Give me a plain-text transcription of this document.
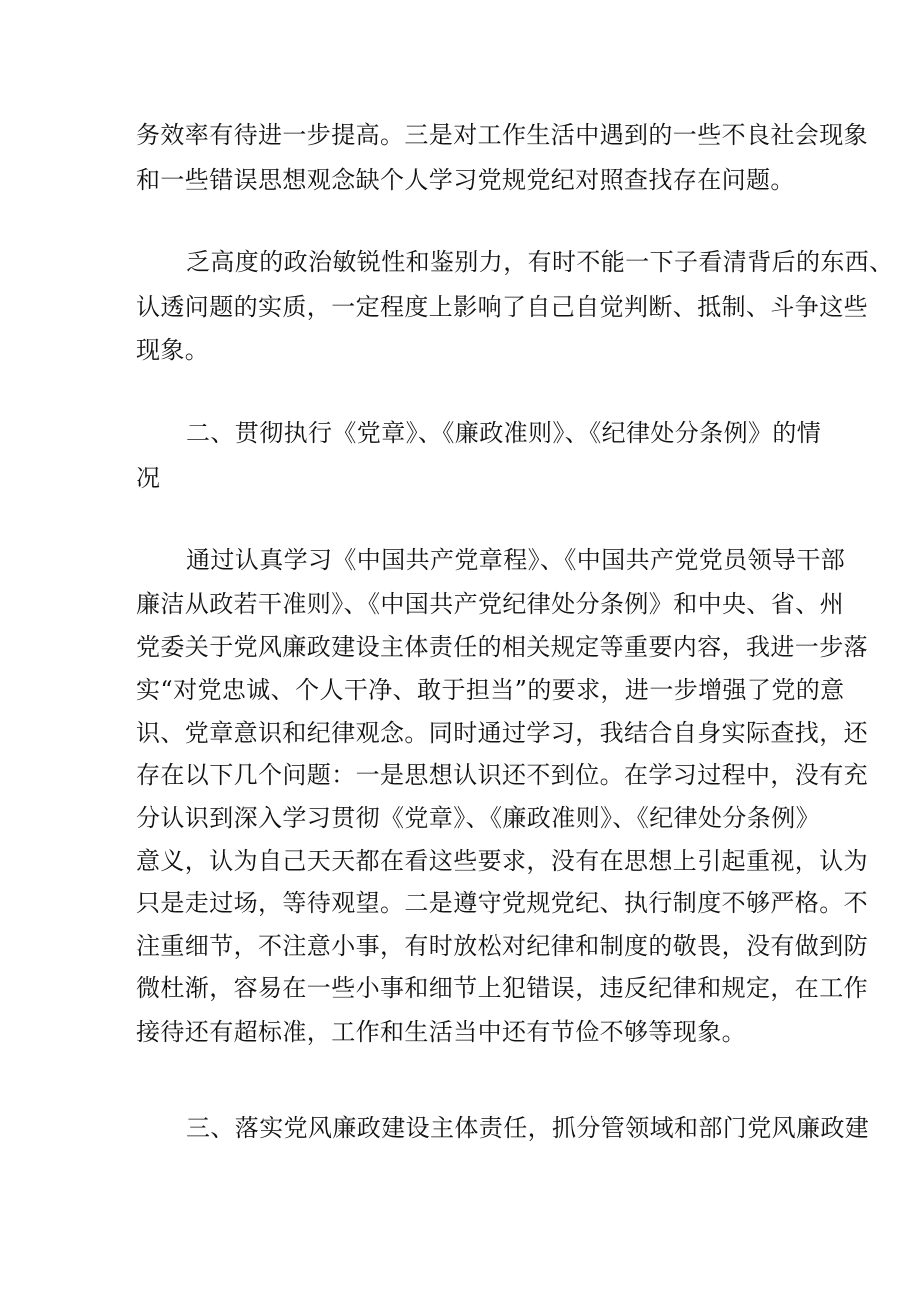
务效率有待进一步提高。三是对工作生活中遇到的一些不良社会现象
和一些错误思想观念缺个人学习党规党纪对照查找存在问题。
乏高度的政治敏锐性和鉴别力，有时不能一下子看清背后的东西、
认透问题的实质，一定程度上影响了自己自觉判断、抵制、斗争这些
现象。
二、贯彻执行《党章》、《廉政准则》、《纪律处分条例》的情
况
通过认真学习《中国共产党章程》、《中国共产党党员领导干部
廉洁从政若干准则》、《中国共产党纪律处分条例》和中央、省、州
党委关于党风廉政建设主体责任的相关规定等重要内容，我进一步落
实“对党忠诚、个人干净、敢于担当”的要求，进一步增强了党的意
识、党章意识和纪律观念。同时通过学习，我结合自身实际查找，还
存在以下几个问题：一是思想认识还不到位。在学习过程中，没有充
分认识到深入学习贯彻《党章》、《廉政准则》、《纪律处分条例》
意义，认为自己天天都在看这些要求，没有在思想上引起重视，认为
只是走过场，等待观望。二是遵守党规党纪、执行制度不够严格。不
注重细节，不注意小事，有时放松对纪律和制度的敬畏，没有做到防
微杜渐，容易在一些小事和细节上犯错误，违反纪律和规定，在工作
接待还有超标准，工作和生活当中还有节俭不够等现象。
三、落实党风廉政建设主体责任，抓分管领域和部门党风廉政建
